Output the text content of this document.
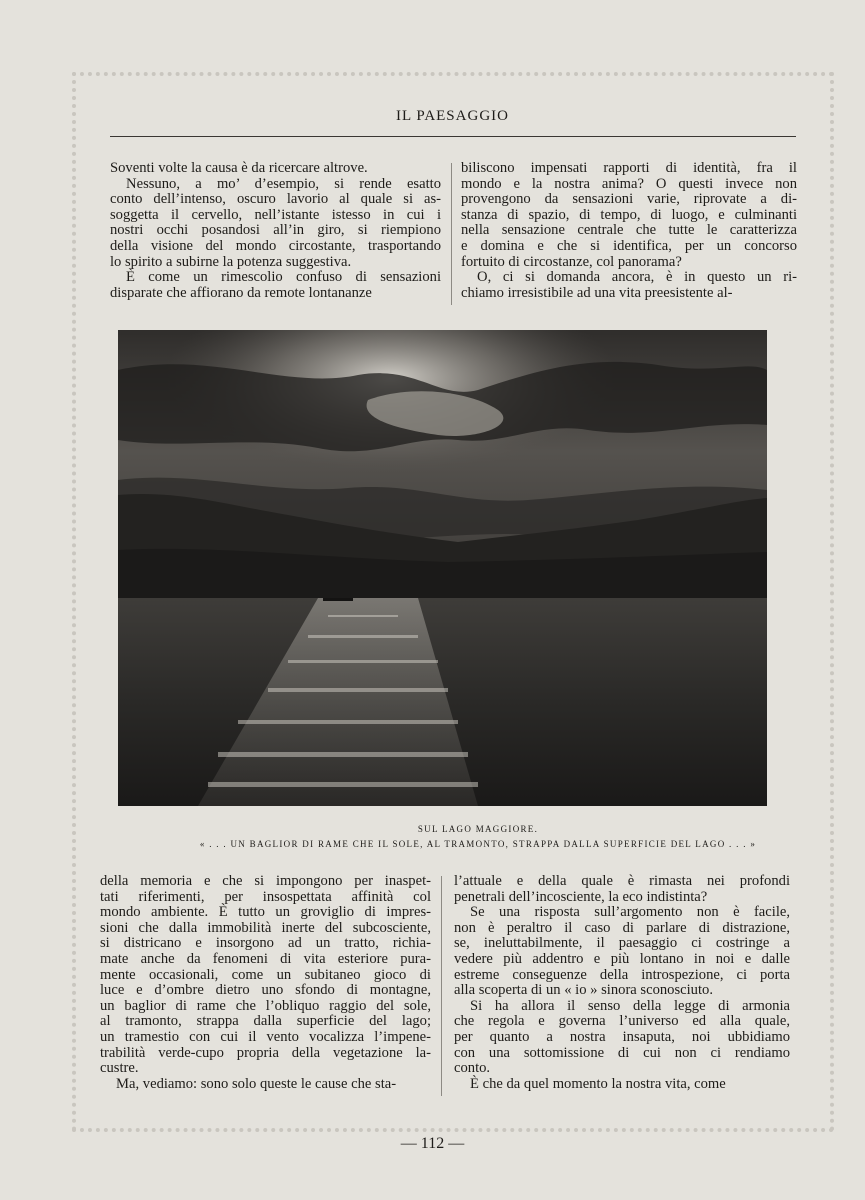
IL PAESAGGIO

Soventi volte la causa è da ricercare altrove.

Nessuno, a mo’ d’esempio, si rende esatto
conto dell’intenso, oscuro lavorio al quale si as-
soggetta il cervello, nell’istante istesso in cui i
nostri occhi posandosi all’in giro, si riempiono
della visione del mondo circostante, trasportando
lo spirito a subirne la potenza suggestiva.

È come un rimescolio confuso di sensazioni
disparate che affiorano da remote lontananze

biliscono impensati rapporti di identità, fra il
mondo e la nostra anima? O questi invece non
provengono da sensazioni varie, riprovate a di-
stanza di spazio, di tempo, di luogo, e culminanti
nella sensazione centrale che tutte le caratterizza
e domina e che si identifica, per un concorso
fortuito di circostanze, col panorama?

O, ci si domanda ancora, è in questo un ri-
chiamo irresistibile ad una vita preesistente al-

SUL LAGO MAGGIORE.
« . . . UN BAGLIOR DI RAME CHE IL SOLE, AL TRAMONTO, STRAPPA DALLA SUPERFICIE DEL LAGO . . . »

della memoria e che si impongono per inaspet-
tati riferimenti, per insospettata affinità col
mondo ambiente. È tutto un groviglio di impres-
sioni che dalla immobilità inerte del subcosciente,
si districano e insorgono ad un tratto, richia-
mate anche da fenomeni di vita esteriore pura-
mente occasionali, come un subitaneo gioco di
luce e d’ombre dietro uno sfondo di montagne,
un baglior di rame che l’obliquo raggio del sole,
al tramonto, strappa dalla superficie del lago;
un tramestio con cui il vento vocalizza l’impene-
trabilità verde-cupo propria della vegetazione la-
custre.

Ma, vediamo: sono solo queste le cause che sta-

l’attuale e della quale è rimasta nei profondi
penetrali dell’incosciente, la eco indistinta?

Se una risposta sull’argomento non è facile,
non è peraltro il caso di parlare di distrazione,
se, ineluttabilmente, il paesaggio ci costringe a
vedere più addentro e più lontano in noi e dalle
estreme conseguenze della introspezione, ci porta
alla scoperta di un « io » sinora sconosciuto.

Si ha allora il senso della legge di armonia
che regola e governa l’universo ed alla quale,
per quanto a nostra insaputa, noi ubbidiamo
con una sottomissione di cui non ci rendiamo
conto.

È che da quel momento la nostra vita, come

— 112 —
